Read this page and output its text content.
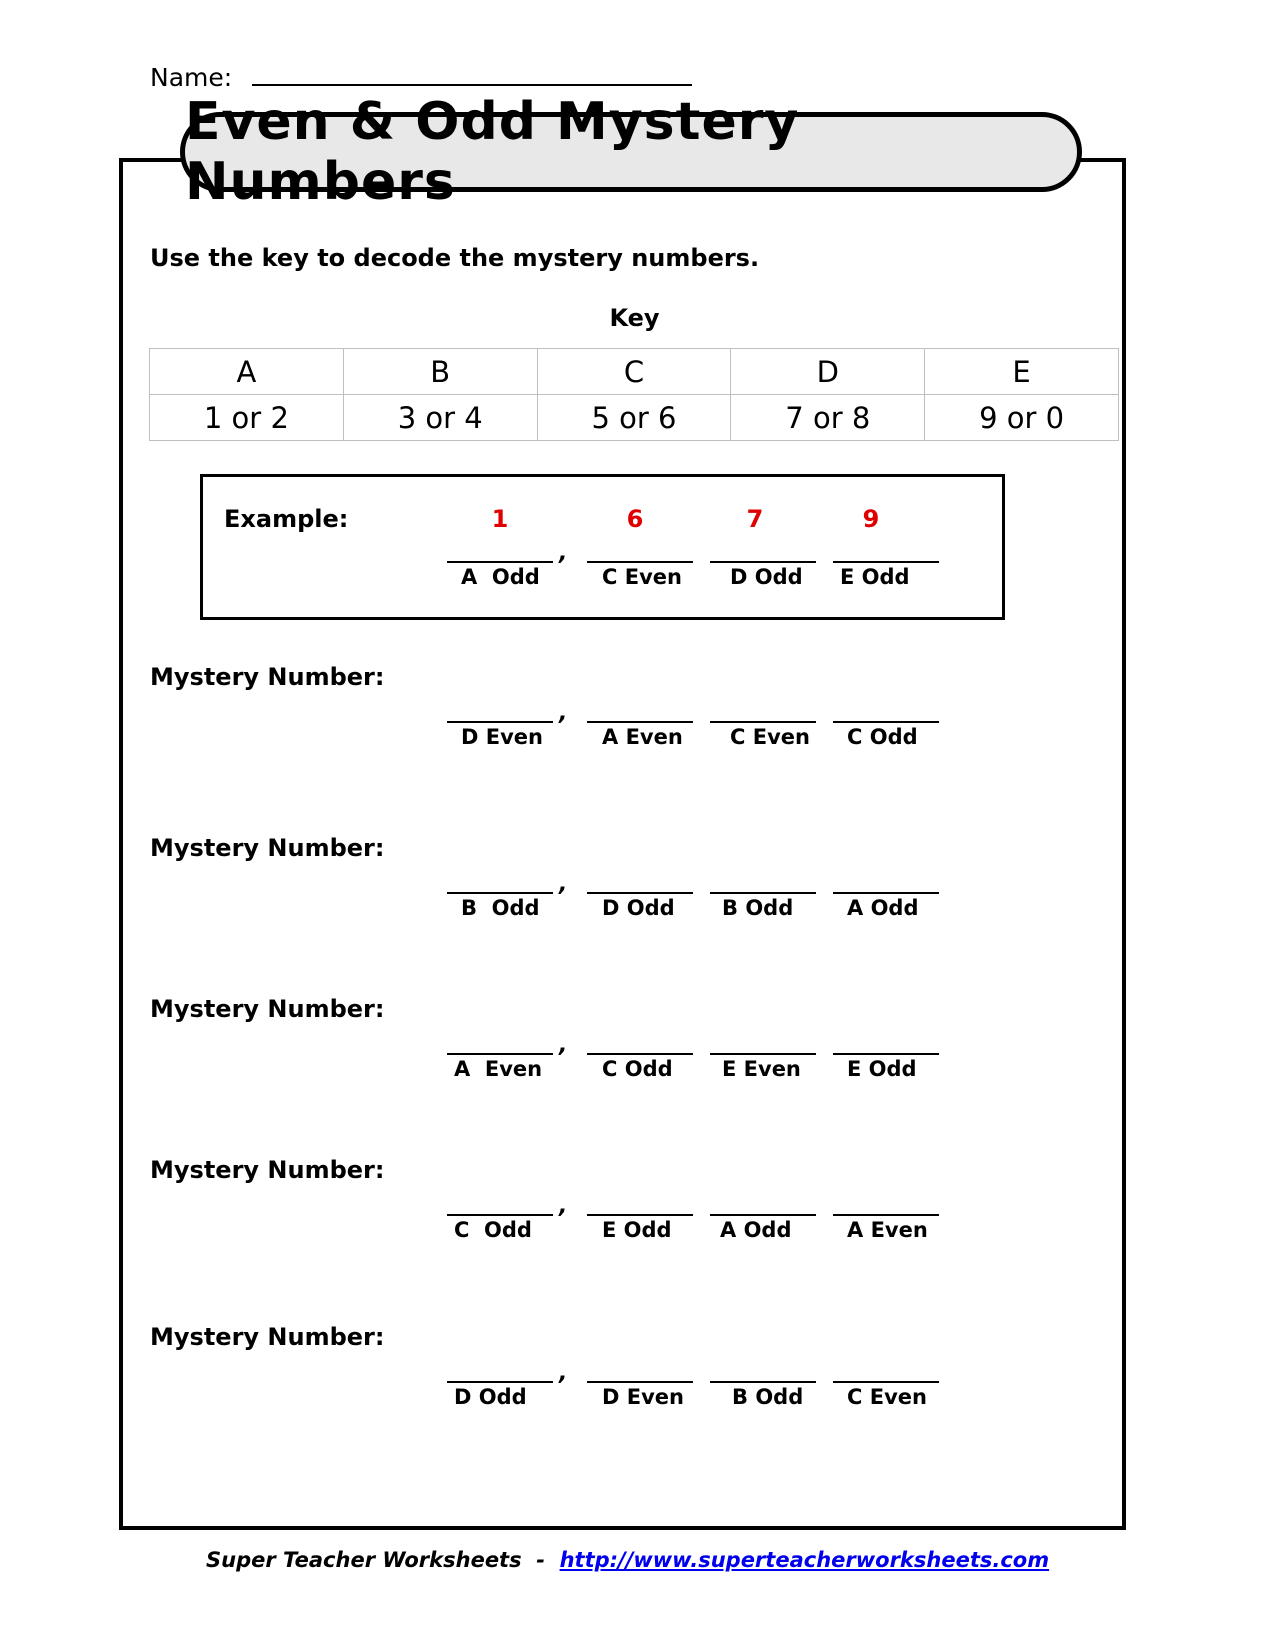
Name:
Even & Odd Mystery Numbers
Use the key to decode the mystery numbers.
Key
A	B	C	D	E
1 or 2	3 or 4	5 or 6	7 or 8	9 or 0
Example:	1	6	7	9
,
A  Odd	C Even D Odd E Odd
Mystery Number:
,
D Even	A Even C Even C Odd
Mystery Number:
,
B  Odd	D Odd B Odd	A Odd
Mystery Number:
,
A  Even	C Odd E Even E Odd
Mystery Number:
,
C  Odd	E Odd A Odd	A Even
Mystery Number:
,
D Odd	D Even B Odd C Even
Super Teacher Worksheets - http://www.superteacherworksheets.com
